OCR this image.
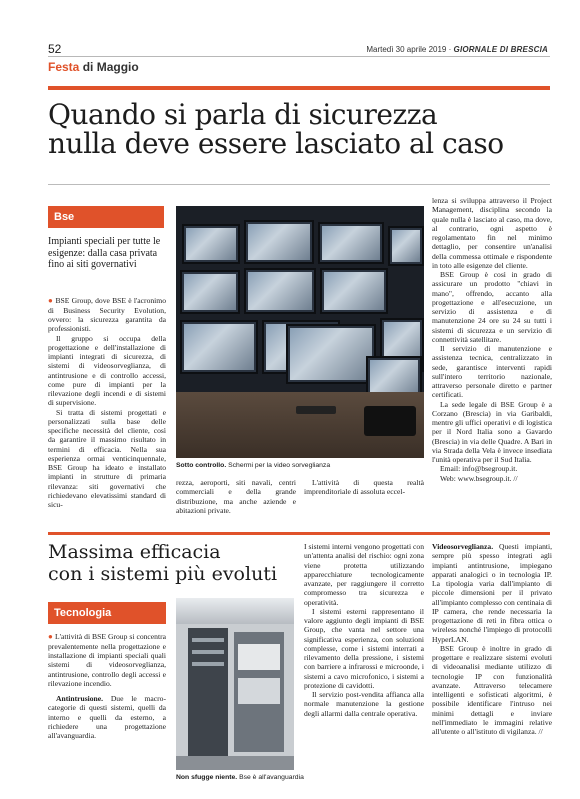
52	Martedì 30 aprile 2019 · GIORNALE DI BRESCIA
Festa di Maggio
Quando si parla di sicurezza
nulla deve essere lasciato al caso
Bse
Impianti speciali per tutte le esigenze: dalla casa privata fino ai siti governativi

● BSE Group, dove BSE è l'acronimo di Business Security Evolution, ovvero: la sicurezza garantita da professionisti.

Il gruppo si occupa della progettazione e dell'installazione di impianti integrati di sicurezza, di sistemi di videosorveglianza, di antintrusione e di controllo accessi, come pure di impianti per la rilevazione degli incendi e di sistemi di supervisione.

Si tratta di sistemi progettati e personalizzati sulla base delle specifiche necessità del cliente, così da garantire il massimo risultato in termini di efficacia. Nella sua esperienza ormai venticinquennale, BSE Group ha ideato e installato impianti in strutture di primaria rilevanza: siti governativi che richiedevano elevatissimi standard di sicu-

Sotto controllo. Schermi per la video sorveglianza

rezza, aeroporti, siti navali, centri commerciali e della grande distribuzione, ma anche aziende e abitazioni private.

L'attività di questa realtà imprenditoriale di assoluta eccel-

lenza si sviluppa attraverso il Project Management, disciplina secondo la quale nulla è lasciato al caso, ma dove, al contrario, ogni aspetto è regolamentato fin nel minimo dettaglio, per consentire un'analisi della commessa ottimale e rispondente in toto alle esigenze del cliente.

BSE Group è così in grado di assicurare un prodotto "chiavi in mano", offrendo, accanto alla progettazione e all'esecuzione, un servizio di assistenza e di manutenzione 24 ore su 24 su tutti i sistemi di sicurezza e un servizio di connettività satellitare.

Il servizio di manutenzione e assistenza tecnica, centralizzato in sede, garantisce interventi rapidi sull'intero territorio nazionale, attraverso personale diretto e partner certificati.

La sede legale di BSE Group è a Corzano (Brescia) in via Garibaldi, mentre gli uffici operativi e di logistica per il Nord Italia sono a Gavardo (Brescia) in via delle Quadre. A Bari in via Strada della Vela è invece insediata l'unità operativa per il Sud Italia.

Email: info@bsegroup.it.

Web: www.bsegroup.it. //

Massima efficacia
con i sistemi più evoluti
Tecnologia

● L'attività di BSE Group si concentra prevalentemente nella progettazione e installazione di impianti speciali quali sistemi di videosorveglianza, antintrusione, controllo degli accessi e rilevazione incendio.

Antintrusione. Due le macro-categorie di questi sistemi, quelli da interno e quelli da esterno, a richiedere una progettazione all'avanguardia.

Non sfugge niente. Bse è all'avanguardia

I sistemi interni vengono progettati con un'attenta analisi del rischio: ogni zona viene protetta utilizzando apparecchiature tecnologicamente avanzate, per raggiungere il corretto compromesso tra sicurezza e operatività.

I sistemi esterni rappresentano il valore aggiunto degli impianti di BSE Group, che vanta nel settore una significativa esperienza, con soluzioni complesse, come i sistemi interrati a rilevamento della pressione, i sistemi con barriere a infrarossi e microonde, i sistemi a cavo microfonico, i sistemi a protezione di cavidotti.

Il servizio post-vendita affianca alla normale manutenzione la gestione degli allarmi dalla centrale operativa.

Videosorveglianza. Questi impianti, sempre più spesso integrati agli impianti antintrusione, impiegano apparati analogici o in tecnologia IP. La tipologia varia dall'impianto di piccole dimensioni per il privato all'impianto complesso con centinaia di IP camera, che rende necessaria la progettazione di reti in fibra ottica o wireless nonché l'impiego di protocolli HyperLAN.

BSE Group è inoltre in grado di progettare e realizzare sistemi evoluti di videoanalisi mediante utilizzo di tecnologie IP con funzionalità avanzate. Attraverso telecamere intelligenti e sofisticati algoritmi, è possibile identificare l'intruso nei minimi dettagli e inviare nell'immediato le immagini relative all'utente o all'istituto di vigilanza. //
